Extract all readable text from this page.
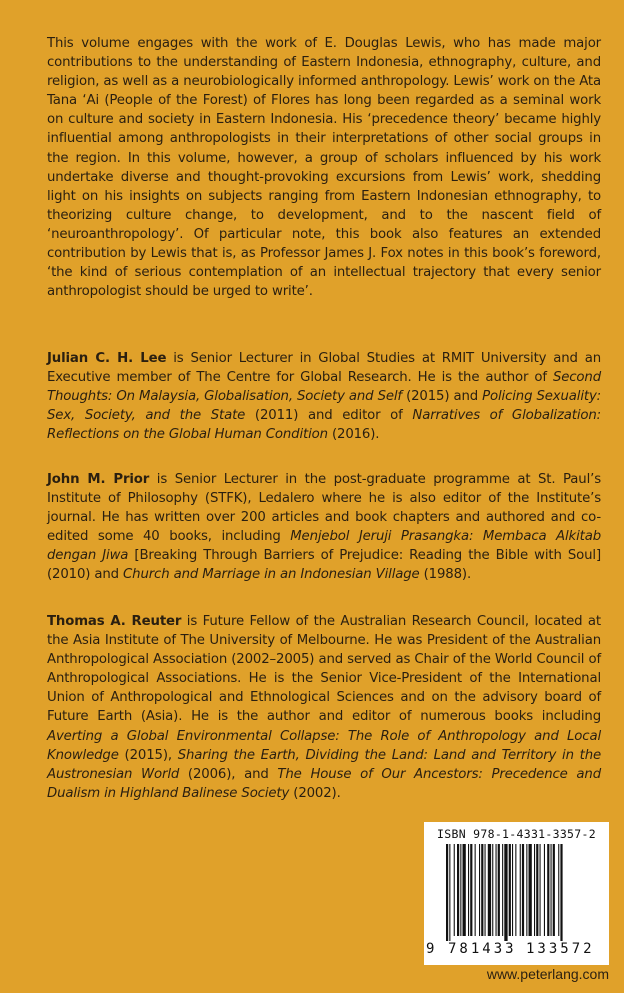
This volume engages with the work of E. Douglas Lewis, who has made major contributions to the understanding of Eastern Indonesia, ethnography, culture, and religion, as well as a neurobiologically informed anthropology. Lewis’ work on the Ata Tana ‘Ai (People of the Forest) of Flores has long been regarded as a seminal work on culture and society in Eastern Indonesia. His ‘precedence theory’ became highly influential among anthropologists in their interpretations of other social groups in the region. In this volume, however, a group of scholars influenced by his work undertake diverse and thought-provoking excursions from Lewis’ work, shedding light on his insights on subjects ranging from Eastern Indonesian ethnography, to theorizing culture change, to development, and to the nascent field of ‘neuroanthropology’. Of particular note, this book also features an extended contribution by Lewis that is, as Professor James J. Fox notes in this book’s foreword, ‘the kind of serious contemplation of an intellectual trajectory that every senior anthropologist should be urged to write’.

Julian C. H. Lee is Senior Lecturer in Global Studies at RMIT University and an Executive member of The Centre for Global Research. He is the author of Second Thoughts: On Malaysia, Globalisation, Society and Self (2015) and Policing Sexuality: Sex, Society, and the State (2011) and editor of Narratives of Globalization: Reflections on the Global Human Condition (2016).

John M. Prior is Senior Lecturer in the post-graduate programme at St. Paul’s Institute of Philosophy (STFK), Ledalero where he is also editor of the Institute’s journal. He has written over 200 articles and book chapters and authored and co-edited some 40 books, including Menjebol Jeruji Prasangka: Membaca Alkitab dengan Jiwa [Breaking Through Barriers of Prejudice: Reading the Bible with Soul] (2010) and Church and Marriage in an Indonesian Village (1988).

Thomas A. Reuter is Future Fellow of the Australian Research Council, located at the Asia Institute of The University of Melbourne. He was President of the Australian Anthropological Association (2002–2005) and served as Chair of the World Council of Anthropological Associations. He is the Senior Vice-President of the International Union of Anthropological and Ethnological Sciences and on the advisory board of Future Earth (Asia). He is the author and editor of numerous books including Averting a Global Environmental Collapse: The Role of Anthropology and Local Knowledge (2015), Sharing the Earth, Dividing the Land: Land and Territory in the Austronesian World (2006), and The House of Our Ancestors: Precedence and Dualism in Highland Balinese Society (2002).

ISBN 978-1-4331-3357-2
9 781433 133572
www.peterlang.com
